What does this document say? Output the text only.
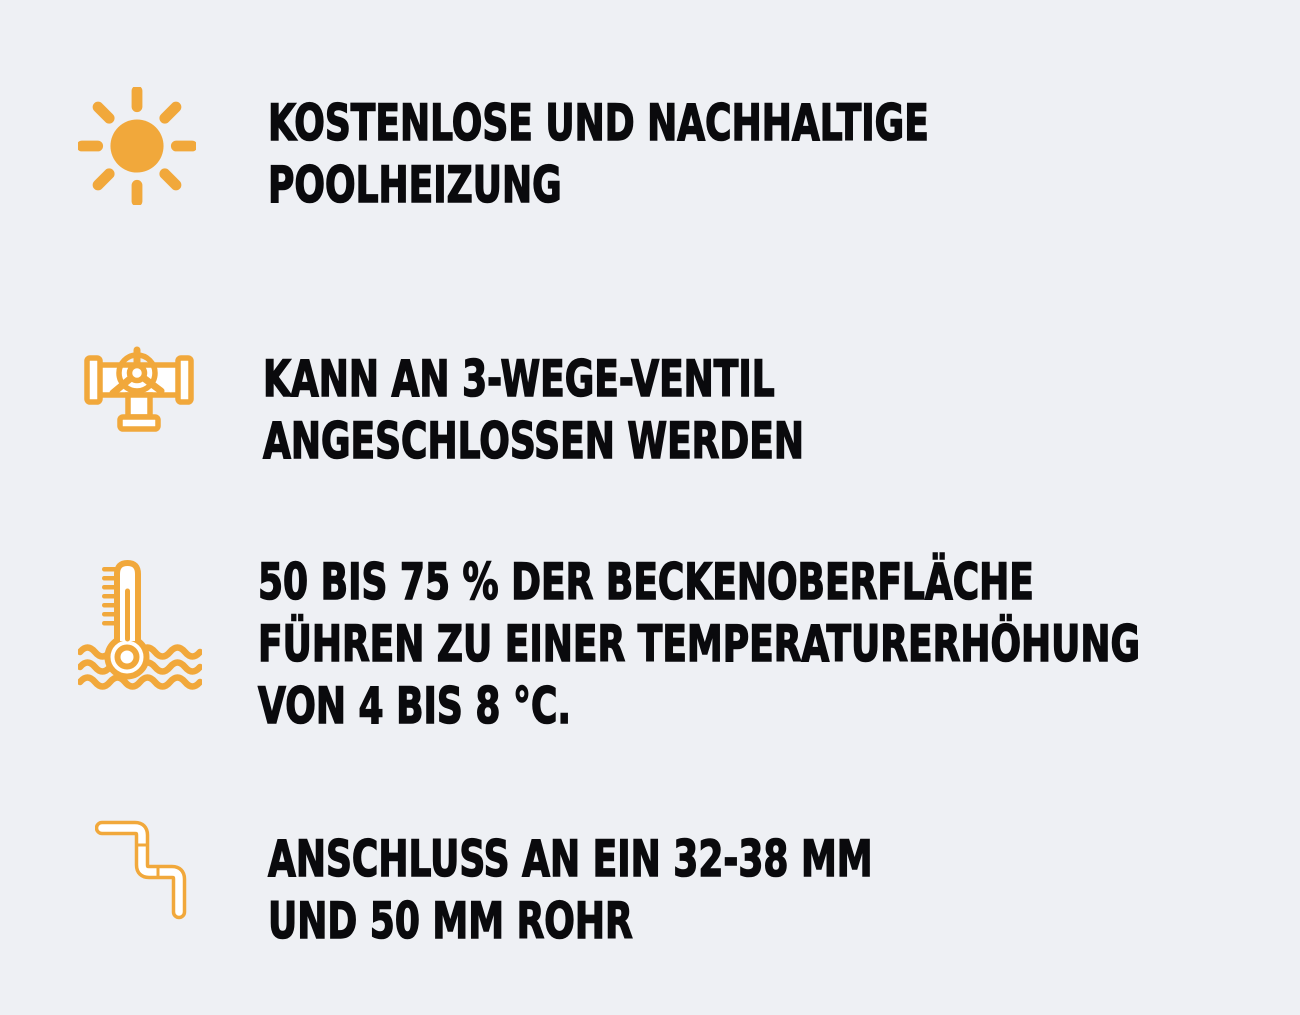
KOSTENLOSE UND NACHHALTIGE
POOLHEIZUNG
KANN AN 3-WEGE-VENTIL
ANGESCHLOSSEN WERDEN
50 BIS 75 % DER BECKENOBERFLÄCHE
FÜHREN ZU EINER TEMPERATURERHÖHUNG
VON 4 BIS 8 °C.
ANSCHLUSS AN EIN 32-38 MM
UND 50 MM ROHR
